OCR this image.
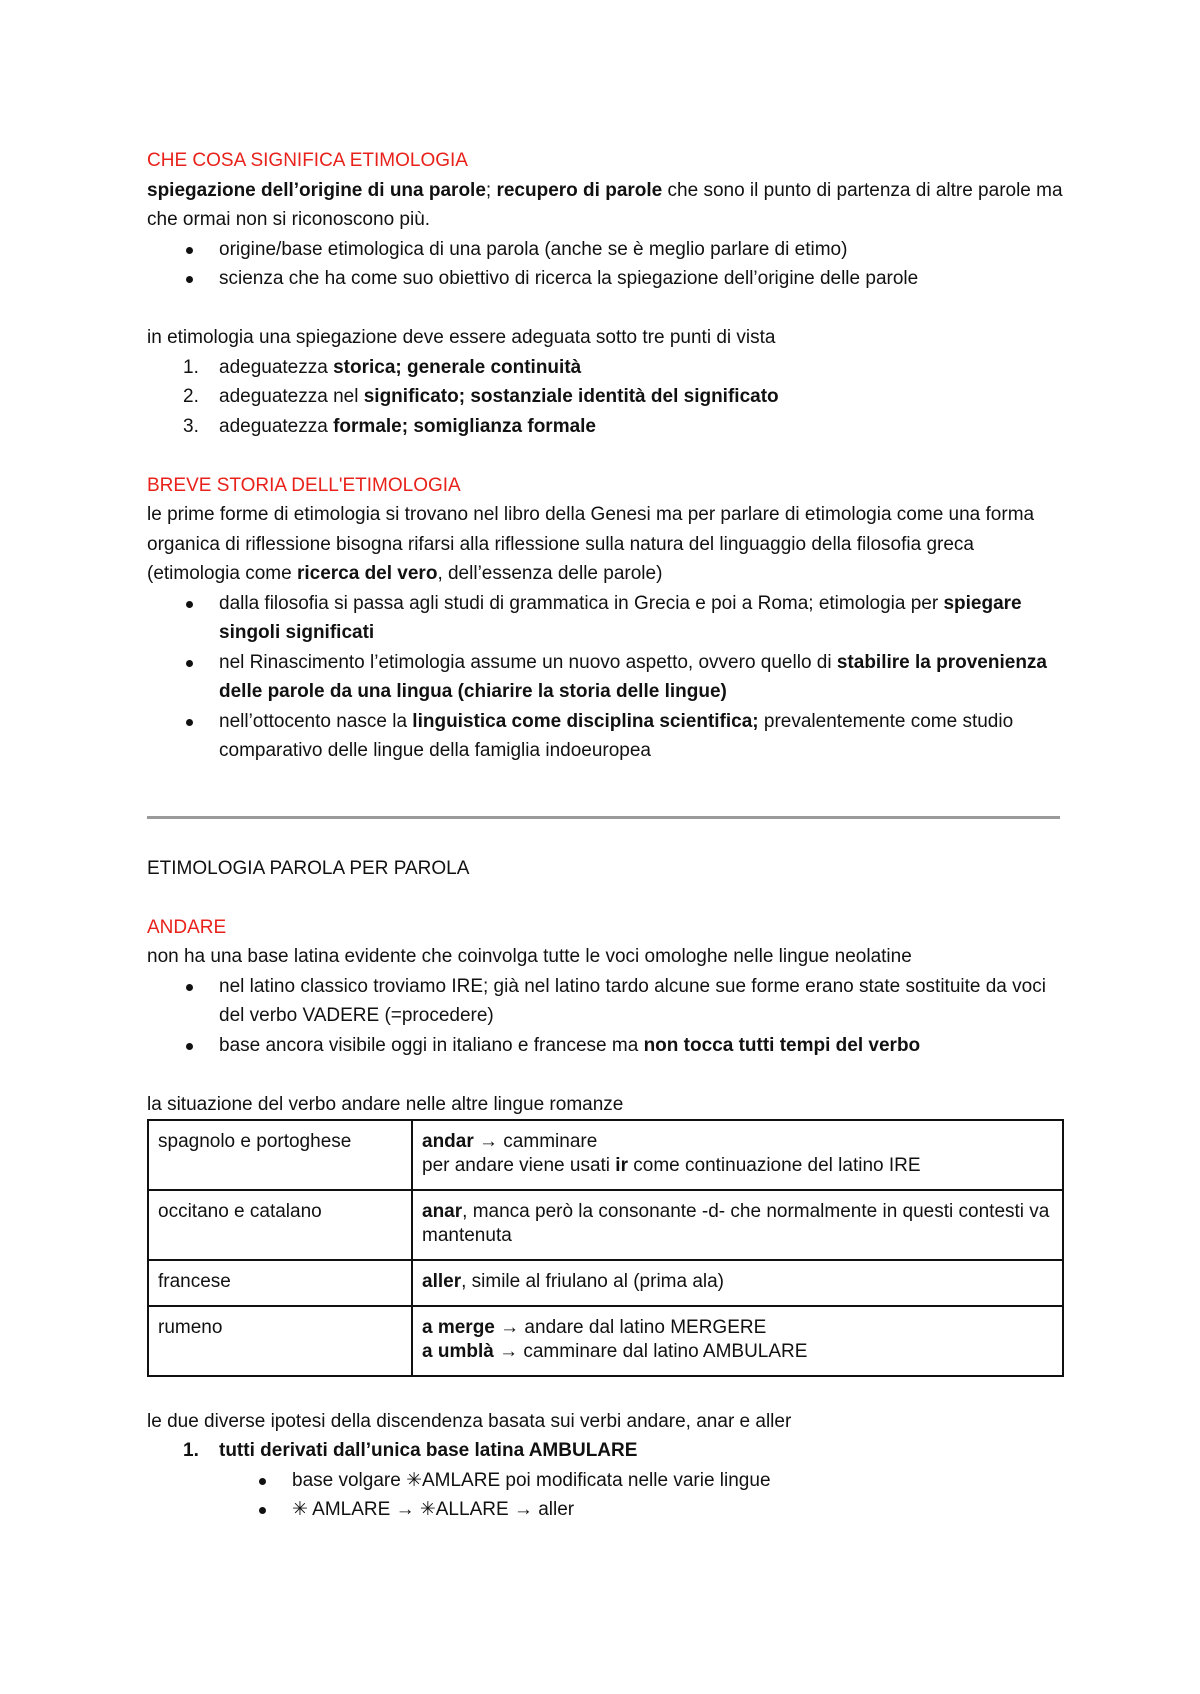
CHE COSA SIGNIFICA ETIMOLOGIA

spiegazione dell’origine di una parole; recupero di parole che sono il punto di partenza di altre parole ma che ormai non si riconoscono più.

origine/base etimologica di una parola (anche se è meglio parlare di etimo)
scienza che ha come suo obiettivo di ricerca la spiegazione dell’origine delle parole

in etimologia una spiegazione deve essere adeguata sotto tre punti di vista

1. adeguatezza storica; generale continuità
2. adeguatezza nel significato; sostanziale identità del significato
3. adeguatezza formale; somiglianza formale
BREVE STORIA DELL'ETIMOLOGIA

le prime forme di etimologia si trovano nel libro della Genesi ma per parlare di etimologia come una forma organica di riflessione bisogna rifarsi alla riflessione sulla natura del linguaggio della filosofia greca (etimologia come ricerca del vero, dell’essenza delle parole)

dalla filosofia si passa agli studi di grammatica in Grecia e poi a Roma; etimologia per spiegare singoli significati
nel Rinascimento l’etimologia assume un nuovo aspetto, ovvero quello di stabilire la provenienza delle parole da una lingua (chiarire la storia delle lingue)
nell’ottocento nasce la linguistica come disciplina scientifica; prevalentemente come studio comparativo delle lingue della famiglia indoeuropea
ETIMOLOGIA PAROLA PER PAROLA
ANDARE

non ha una base latina evidente che coinvolga tutte le voci omologhe nelle lingue neolatine

nel latino classico troviamo IRE; già nel latino tardo alcune sue forme erano state sostituite da voci del verbo VADERE (=procedere)
base ancora visibile oggi in italiano e francese ma non tocca tutti tempi del verbo

la situazione del verbo andare nelle altre lingue romanze

spagnolo e portoghese	andar → camminare
per andare viene usati ir come continuazione del latino IRE

occitano e catalano	anar, manca però la consonante -d- che normalmente in questi contesti va mantenuta
francese	aller, simile al friulano al (prima ala)
rumeno	a merge → andare dal latino MERGERE
a umblà → camminare dal latino AMBULARE

le due diverse ipotesi della discendenza basata sui verbi andare, anar e aller

1. tutti derivati dall’unica base latina AMBULARE
base volgare ✳AMLARE poi modificata nelle varie lingue
✳ AMLARE → ✳ALLARE → aller
